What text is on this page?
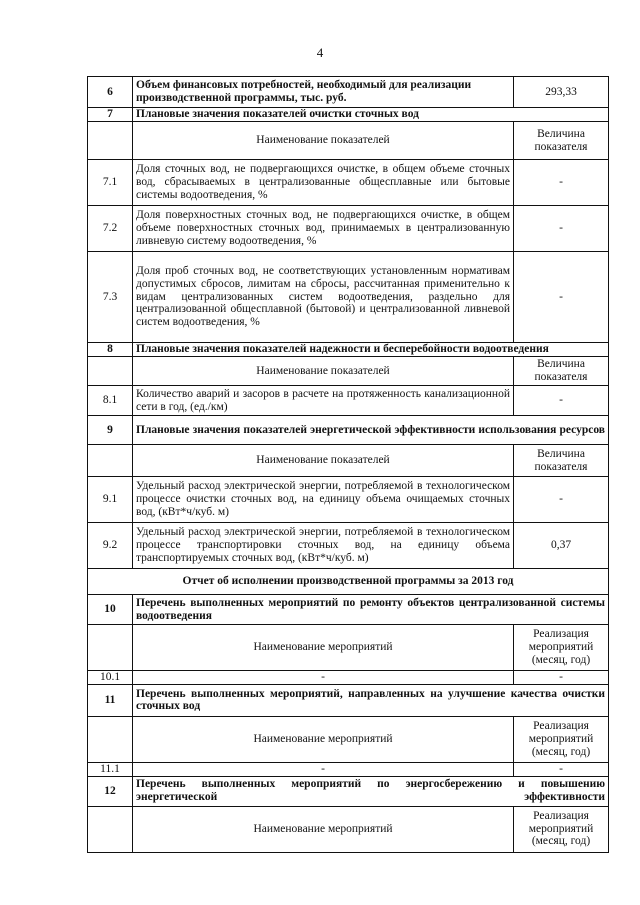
4
6	Объем финансовых потребностей, необходимый для реализации производственной программы, тыс. руб.	293,33
7	Плановые значения показателей очистки сточных вод	
	Наименование показателей	Величина показателя
7.1	Доля сточных вод, не подвергающихся очистке, в общем объеме сточных вод, сбрасываемых в централизованные общесплавные или бытовые системы водоотведения, %	-
7.2	Доля поверхностных сточных вод, не подвергающихся очистке, в общем объеме поверхностных сточных вод, принимаемых в централизованную ливневую систему водоотведения, %	-
7.3	Доля проб сточных вод, не соответствующих установленным нормативам допустимых сбросов, лимитам на сбросы, рассчитанная применительно к видам централизованных систем водоотведения, раздельно для централизованной общесплавной (бытовой) и централизованной ливневой систем водоотведения, %	-
8	Плановые значения показателей надежности и бесперебойности водоотведения	
	Наименование показателей	Величина показателя
8.1	Количество аварий и засоров в расчете на протяженность канализационной сети в год, (ед./км)	-
9	Плановые значения показателей энергетической эффективности использования ресурсов	
	Наименование показателей	Величина показателя
9.1	Удельный расход электрической энергии, потребляемой в технологическом процессе очистки сточных вод, на единицу объема очищаемых сточных вод, (кВт*ч/куб. м)	-
9.2	Удельный расход электрической энергии, потребляемой в технологическом процессе транспортировки сточных вод, на единицу объема транспортируемых сточных вод, (кВт*ч/куб. м)	0,37
Отчет об исполнении производственной программы за 2013 год		
10	Перечень выполненных мероприятий по ремонту объектов централизованной системы водоотведения	
	Наименование мероприятий	Реализация мероприятий (месяц, год)
10.1	-	-
11	Перечень выполненных мероприятий, направленных на улучшение качества очистки сточных вод	
	Наименование мероприятий	Реализация мероприятий (месяц, год)
11.1	-	-
12	Перечень выполненных мероприятий по энергосбережению и повышению энергетической эффективности	
	Наименование мероприятий	Реализация мероприятий (месяц, год)
